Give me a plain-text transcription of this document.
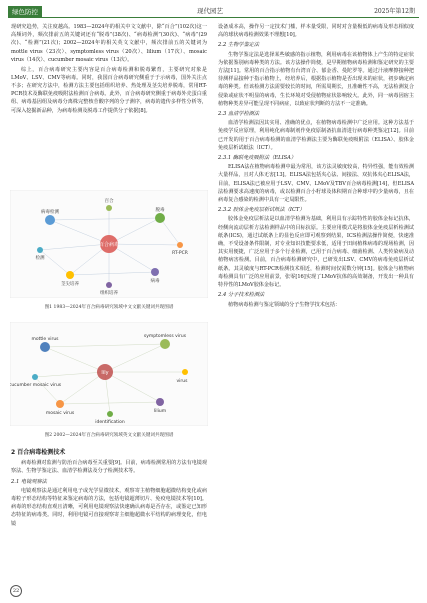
绿色防控	现代园艺	2025年第12期

现研究趋势，关注度越高。1983—2024年的相关中文文献中，除“百合”(102次)这一高频词外，频次排前五的关键词还有“脱毒”(38次)、“病毒检测”(30次)、“病毒”(29次)、“检测”(21次)；2002—2024年的相关英文文献中，频次排前五的关键词为 mottle virus（23次）、symptomless virus（20次）、lilium（17次）、mosaic virus（14次）、cucumber mosaic virus（13次）。

综上，百合病毒研究主要内容是百合病毒检测和脱毒繁育，主要研究对象是LMoV、LSV、CMV等病毒。同时，我国百合病毒研究侧重于于示病毒，国外关注点不多；在研究方法中，检测方法主要包括组织培养、热处理及茎尖培养脱毒，常用RT-PCR技术及酶联免疫吸附法检测百合病毒。此外，百合病毒研究侧重于病毒外壳蛋白重组、病毒基因组及病毒分离株完整核苷酸序列的分子测序，病毒的遗传多样性分析等，可深入挖掘新品种，为病毒检测及脱毒工作提供分子依据[8]。

百合病毒
病毒检测	脱毒
茎尖培养
病毒
检测
RT-PCR
百合
组织培养
图1 1983—2024年百合病毒研究领域中文文献关键词共现图谱
lily
mottle virus
symptomless virus
mosaic virus	lilium
cucumber mosaic virus
virus
identification
图2 2002—2024年百合病毒研究领域英文文献关键词共现图谱
2 百合病毒检测技术

病毒检测对监测与防治百合病毒至关重要[9]。目前，病毒检测常用的方法有电镜观察法、生物学鉴定法、血清学检测法及分子检测技术等。

2.1 电镜观察法

电镜观察法是通过利用电子或光学显微技术，观察寄主植物细胞超微结构变化或病毒粒子形态结构等特征来鉴定病毒的方法，包括电镜超薄切片、免疫电镜技术等[10]。病毒的形态结构直观且清晰，可利用电镜观察法快速确认病毒是否存在，或鉴定已知形态特征的病毒类。同时，利用电镜可直接观察寄主细胞超微水平结构的病理变化，但电镜

设备成本高，操作另一定技术门槛，样本量受限，同时对含量极低的病毒及形态相似度高的球状病毒检测效果不理想[10]。

2.2 生物学鉴定法

生物学鉴定法是选择某些敏感的指示植物，利用病毒在该植物体上产生的特定症状为依据鉴别病毒种类的方法。该方法操作简便，是早期植物病毒检测和鉴定研究的主要方法[11]。常用的百合指示植物有台湾百合、郁金香、曼陀罗等。通过汁液摩擦接种把待测样品接种于指示植物上，经培养后，根据指示植物是否出现未的症状，初步确定病毒的种类。但该检测方法需要较长的时间，所需周期长，且准确性不高，无法检测复合侵染或症状不明显的病毒，生长环境对受侵植物症状影响较大。此外，同一病毒因宿主植物种类差异可能呈现不同病症，以致症状判断的方法不一定准确。

2.3 血清学检测法

血清学检测法因其实用、准确的优点，在植物病毒检测中广泛应用。这种方法基于免疫学反应原理，利用纯化病毒制剂作免疫原制备抗血清进行病毒种类鉴定[12]。目前已开发的用于百合病毒检测的血清学检测法主要为酶联免疫吸附法（ELISA）、胶体金免疫层析试纸法（ICT）。

2.3.1 酶联免疫吸附法（ELISA）

ELISA法在植物病毒检测中最为常用，该方法灵敏度较高，特异性强，能有效检测大量样品，且对人体无害[13]。ELISA法包括夹心法、间接法、双抗体夹心ELISA法，目前，ELISA法已被应用于LSV、CMV、LMoV及TBV百合病毒检测[14]，但ELISA法检测要求高速度的病毒，或以检测百合小籽球及体积期百合种球中的少量病毒，且在病毒复合感染的检测中具有一定局限性。

2.3.2 胶体金免疫层析试纸法（ICT）

胶体金免疫层析法是以血清学检测为基础，利用具有示踪特性的胶体金标记抗体，经侧向流动层析方法检测样品中的目标抗原。主要应用模式是将胶体金免疫层析检测试纸条(ICS)，通过试纸条上的显色反应即可观察到结果，ICS检测法操作简便，快速准确，不受设备条件限制，对专业知识技能要求低，适用于田间植株病毒的现场检测，因其实用便捷，广泛应用于多个行业检测，已用于百合病毒、细菌检测、人类传染病及动植物病害检测。目前，百合病毒检测研究中，已研发出LSV、CMV的病毒免疫层析试纸条。其灵敏度与RT-PCR检测技术相近，检测时间仅需数分钟[15]。胶体金与植物病毒检测具有广泛的应用前景，张零[16]实现了LMoV抗体的高效制备，开发出一种具有特异性的LMoV胶体金标记。

2.4 分子技术检测法

植物病毒检测与鉴定领域的分子生物学技术包括：

22
